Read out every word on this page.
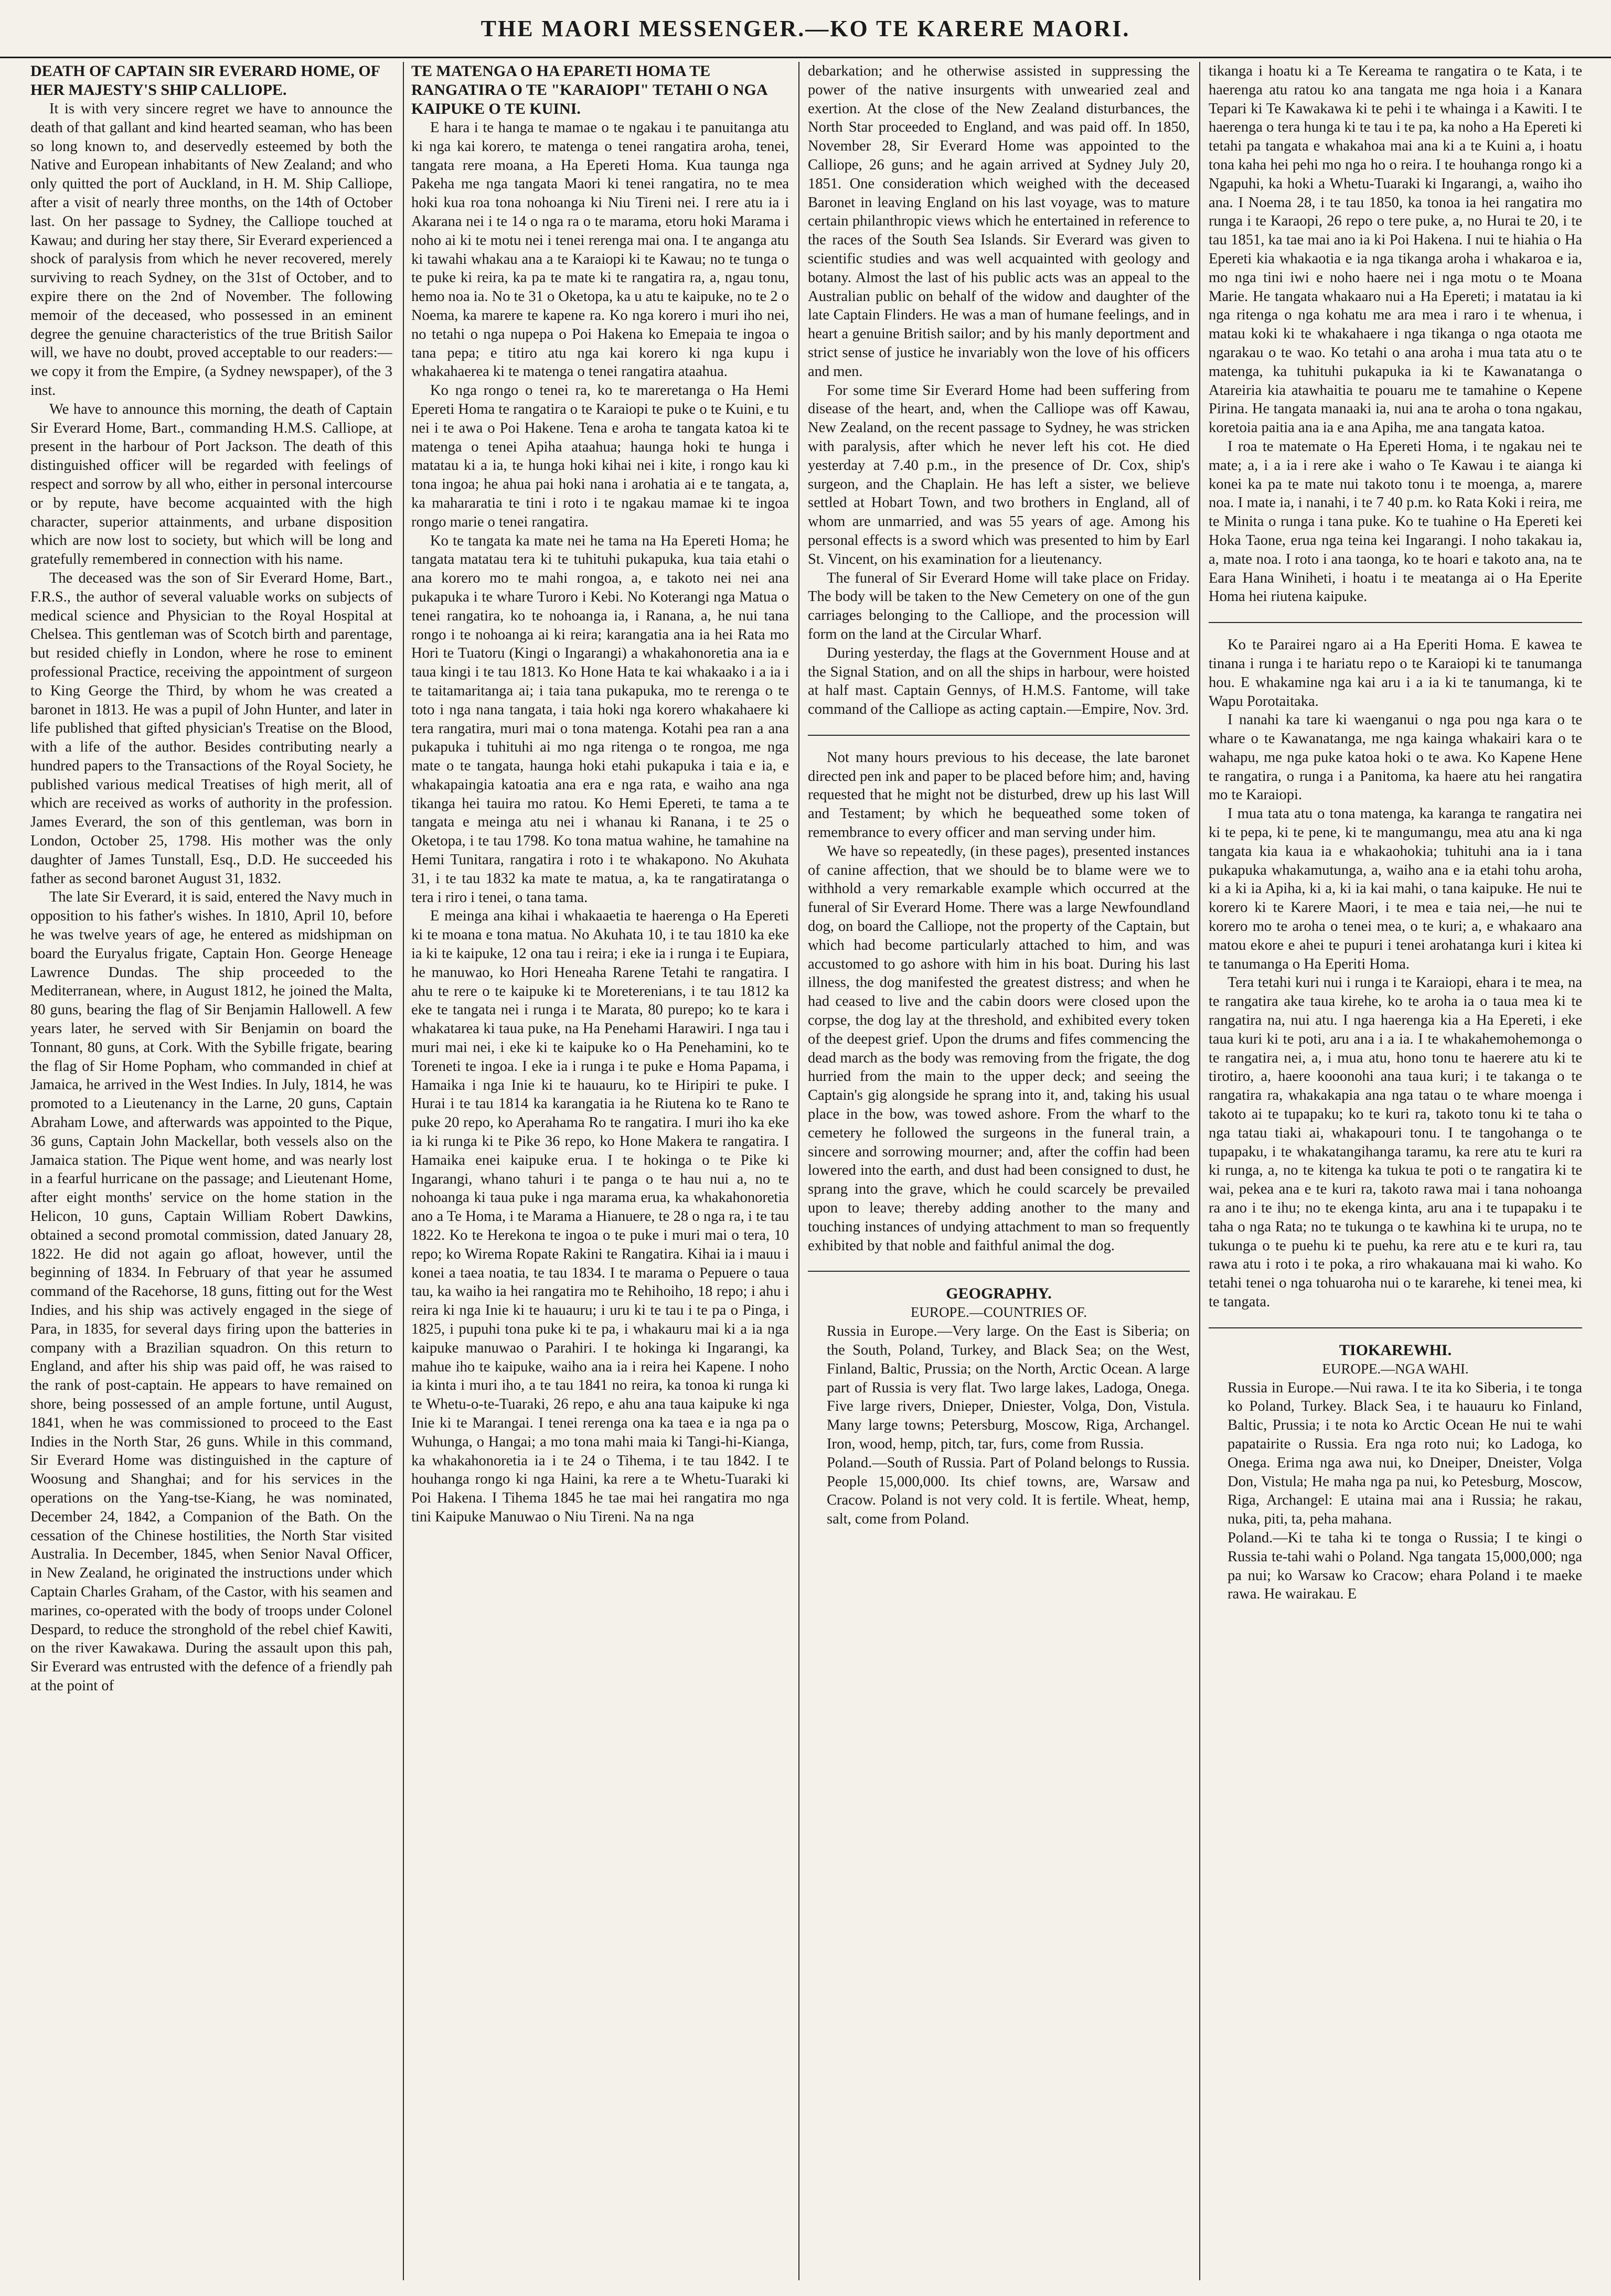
THE MAORI MESSENGER.—KO TE KARERE MAORI.

DEATH OF CAPTAIN SIR EVERARD HOME, OF HER MAJESTY'S SHIP CALLIOPE.

It is with very sincere regret we have to announce the death of that gallant and kind hearted seaman, who has been so long known to, and deservedly esteemed by both the Native and European inhabitants of New Zealand; and who only quitted the port of Auckland, in H. M. Ship Calliope, after a visit of nearly three months, on the 14th of October last. On her passage to Sydney, the Calliope touched at Kawau; and during her stay there, Sir Everard experienced a shock of paralysis from which he never recovered, merely surviving to reach Sydney, on the 31st of October, and to expire there on the 2nd of November. The following memoir of the deceased, who possessed in an eminent degree the genuine characteristics of the true British Sailor will, we have no doubt, proved acceptable to our readers:—we copy it from the Empire, (a Sydney newspaper), of the 3 inst.

We have to announce this morning, the death of Captain Sir Everard Home, Bart., commanding H.M.S. Calliope, at present in the harbour of Port Jackson. The death of this distinguished officer will be regarded with feelings of respect and sorrow by all who, either in personal intercourse or by repute, have become acquainted with the high character, superior attainments, and urbane disposition which are now lost to society, but which will be long and gratefully remembered in connection with his name.

The deceased was the son of Sir Everard Home, Bart., F.R.S., the author of several valuable works on subjects of medical science and Physician to the Royal Hospital at Chelsea. This gentleman was of Scotch birth and parentage, but resided chiefly in London, where he rose to eminent professional Practice, receiving the appointment of surgeon to King George the Third, by whom he was created a baronet in 1813. He was a pupil of John Hunter, and later in life published that gifted physician's Treatise on the Blood, with a life of the author. Besides contributing nearly a hundred papers to the Transactions of the Royal Society, he published various medical Treatises of high merit, all of which are received as works of authority in the profession. James Everard, the son of this gentleman, was born in London, October 25, 1798. His mother was the only daughter of James Tunstall, Esq., D.D. He succeeded his father as second baronet August 31, 1832.

The late Sir Everard, it is said, entered the Navy much in opposition to his father's wishes. In 1810, April 10, before he was twelve years of age, he entered as midshipman on board the Euryalus frigate, Captain Hon. George Heneage Lawrence Dundas. The ship proceeded to the Mediterranean, where, in August 1812, he joined the Malta, 80 guns, bearing the flag of Sir Benjamin Hallowell. A few years later, he served with Sir Benjamin on board the Tonnant, 80 guns, at Cork. With the Sybille frigate, bearing the flag of Sir Home Popham, who commanded in chief at Jamaica, he arrived in the West Indies. In July, 1814, he was promoted to a Lieutenancy in the Larne, 20 guns, Captain Abraham Lowe, and afterwards was appointed to the Pique, 36 guns, Captain John Mackellar, both vessels also on the Jamaica station. The Pique went home, and was nearly lost in a fearful hurricane on the passage; and Lieutenant Home, after eight months' service on the home station in the Helicon, 10 guns, Captain William Robert Dawkins, obtained a second promotal commission, dated January 28, 1822. He did not again go afloat, however, until the beginning of 1834. In February of that year he assumed command of the Racehorse, 18 guns, fitting out for the West Indies, and his ship was actively engaged in the siege of Para, in 1835, for several days firing upon the batteries in company with a Brazilian squadron. On this return to England, and after his ship was paid off, he was raised to the rank of post-captain. He appears to have remained on shore, being possessed of an ample fortune, until August, 1841, when he was commissioned to proceed to the East Indies in the North Star, 26 guns. While in this command, Sir Everard Home was distinguished in the capture of Woosung and Shanghai; and for his services in the operations on the Yang-tse-Kiang, he was nominated, December 24, 1842, a Companion of the Bath. On the cessation of the Chinese hostilities, the North Star visited Australia. In December, 1845, when Senior Naval Officer, in New Zealand, he originated the instructions under which Captain Charles Graham, of the Castor, with his seamen and marines, co-operated with the body of troops under Colonel Despard, to reduce the stronghold of the rebel chief Kawiti, on the river Kawakawa. During the assault upon this pah, Sir Everard was entrusted with the defence of a friendly pah at the point of

TE MATENGA O HA EPARETI HOMA TE RANGATIRA O TE "KARAIOPI" TETAHI O NGA KAIPUKE O TE KUINI.

E hara i te hanga te mamae o te ngakau i te panuitanga atu ki nga kai korero, te matenga o tenei rangatira aroha, tenei, tangata rere moana, a Ha Epereti Homa. Kua taunga nga Pakeha me nga tangata Maori ki tenei rangatira, no te mea hoki kua roa tona nohoanga ki Niu Tireni nei. I rere atu ia i Akarana nei i te 14 o nga ra o te marama, etoru hoki Marama i noho ai ki te motu nei i tenei rerenga mai ona. I te anganga atu ki tawahi whakau ana a te Karaiopi ki te Kawau; no te tunga o te puke ki reira, ka pa te mate ki te rangatira ra, a, ngau tonu, hemo noa ia. No te 31 o Oketopa, ka u atu te kaipuke, no te 2 o Noema, ka marere te kapene ra. Ko nga korero i muri iho nei, no tetahi o nga nupepa o Poi Hakena ko Emepaia te ingoa o tana pepa; e titiro atu nga kai korero ki nga kupu i whakahaerea ki te matenga o tenei rangatira ataahua.

Ko nga rongo o tenei ra, ko te mareretanga o Ha Hemi Epereti Homa te rangatira o te Karaiopi te puke o te Kuini, e tu nei i te awa o Poi Hakene. Tena e aroha te tangata katoa ki te matenga o tenei Apiha ataahua; haunga hoki te hunga i matatau ki a ia, te hunga hoki kihai nei i kite, i rongo kau ki tona ingoa; he ahua pai hoki nana i arohatia ai e te tangata, a, ka mahararatia te tini i roto i te ngakau mamae ki te ingoa rongo marie o tenei rangatira.

Ko te tangata ka mate nei he tama na Ha Epereti Homa; he tangata matatau tera ki te tuhituhi pukapuka, kua taia etahi o ana korero mo te mahi rongoa, a, e takoto nei nei ana pukapuka i te whare Turoro i Kebi. No Koterangi nga Matua o tenei rangatira, ko te nohoanga ia, i Ranana, a, he nui tana rongo i te nohoanga ai ki reira; karangatia ana ia hei Rata mo Hori te Tuatoru (Kingi o Ingarangi) a whakahonoretia ana ia e taua kingi i te tau 1813. Ko Hone Hata te kai whakaako i a ia i te taitamaritanga ai; i taia tana pukapuka, mo te rerenga o te toto i nga nana tangata, i taia hoki nga korero whakahaere ki tera rangatira, muri mai o tona matenga. Kotahi pea ran a ana pukapuka i tuhituhi ai mo nga ritenga o te rongoa, me nga mate o te tangata, haunga hoki etahi pukapuka i taia e ia, e whakapaingia katoatia ana era e nga rata, e waiho ana nga tikanga hei tauira mo ratou. Ko Hemi Epereti, te tama a te tangata e meinga atu nei i whanau ki Ranana, i te 25 o Oketopa, i te tau 1798. Ko tona matua wahine, he tamahine na Hemi Tunitara, rangatira i roto i te whakapono. No Akuhata 31, i te tau 1832 ka mate te matua, a, ka te rangatiratanga o tera i riro i tenei, o tana tama.

E meinga ana kihai i whakaaetia te haerenga o Ha Epereti ki te moana e tona matua. No Akuhata 10, i te tau 1810 ka eke ia ki te kaipuke, 12 ona tau i reira; i eke ia i runga i te Eupiara, he manuwao, ko Hori Heneaha Rarene Tetahi te rangatira. I ahu te rere o te kaipuke ki te Moreterenians, i te tau 1812 ka eke te tangata nei i runga i te Marata, 80 purepo; ko te kara i whakatarea ki taua puke, na Ha Penehami Harawiri. I nga tau i muri mai nei, i eke ki te kaipuke ko o Ha Penehamini, ko te Toreneti te ingoa. I eke ia i runga i te puke e Homa Papama, i Hamaika i nga Inie ki te hauauru, ko te Hiripiri te puke. I Hurai i te tau 1814 ka karangatia ia he Riutena ko te Rano te puke 20 repo, ko Aperahama Ro te rangatira. I muri iho ka eke ia ki runga ki te Pike 36 repo, ko Hone Makera te rangatira. I Hamaika enei kaipuke erua. I te hokinga o te Pike ki Ingarangi, whano tahuri i te panga o te hau nui a, no te nohoanga ki taua puke i nga marama erua, ka whakahonoretia ano a Te Homa, i te Marama a Hianuere, te 28 o nga ra, i te tau 1822. Ko te Herekona te ingoa o te puke i muri mai o tera, 10 repo; ko Wirema Ropate Rakini te Rangatira. Kihai ia i mauu i konei a taea noatia, te tau 1834. I te marama o Pepuere o taua tau, ka waiho ia hei rangatira mo te Rehihoiho, 18 repo; i ahu i reira ki nga Inie ki te hauauru; i uru ki te tau i te pa o Pinga, i 1825, i pupuhi tona puke ki te pa, i whakauru mai ki a ia nga kaipuke manuwao o Parahiri. I te hokinga ki Ingarangi, ka mahue iho te kaipuke, waiho ana ia i reira hei Kapene. I noho ia kinta i muri iho, a te tau 1841 no reira, ka tonoa ki runga ki te Whetu-o-te-Tuaraki, 26 repo, e ahu ana taua kaipuke ki nga Inie ki te Marangai. I tenei rerenga ona ka taea e ia nga pa o Wuhunga, o Hangai; a mo tona mahi maia ki Tangi-hi-Kianga, ka whakahonoretia ia i te 24 o Tihema, i te tau 1842. I te houhanga rongo ki nga Haini, ka rere a te Whetu-Tuaraki ki Poi Hakena. I Tihema 1845 he tae mai hei rangatira mo nga tini Kaipuke Manuwao o Niu Tireni. Na na nga

debarkation; and he otherwise assisted in suppressing the power of the native insurgents with unwearied zeal and exertion. At the close of the New Zealand disturbances, the North Star proceeded to England, and was paid off. In 1850, November 28, Sir Everard Home was appointed to the Calliope, 26 guns; and he again arrived at Sydney July 20, 1851. One consideration which weighed with the deceased Baronet in leaving England on his last voyage, was to mature certain philanthropic views which he entertained in reference to the races of the South Sea Islands. Sir Everard was given to scientific studies and was well acquainted with geology and botany. Almost the last of his public acts was an appeal to the Australian public on behalf of the widow and daughter of the late Captain Flinders. He was a man of humane feelings, and in heart a genuine British sailor; and by his manly deportment and strict sense of justice he invariably won the love of his officers and men.

For some time Sir Everard Home had been suffering from disease of the heart, and, when the Calliope was off Kawau, New Zealand, on the recent passage to Sydney, he was stricken with paralysis, after which he never left his cot. He died yesterday at 7.40 p.m., in the presence of Dr. Cox, ship's surgeon, and the Chaplain. He has left a sister, we believe settled at Hobart Town, and two brothers in England, all of whom are unmarried, and was 55 years of age. Among his personal effects is a sword which was presented to him by Earl St. Vincent, on his examination for a lieutenancy.

The funeral of Sir Everard Home will take place on Friday. The body will be taken to the New Cemetery on one of the gun carriages belonging to the Calliope, and the procession will form on the land at the Circular Wharf.

During yesterday, the flags at the Government House and at the Signal Station, and on all the ships in harbour, were hoisted at half mast. Captain Gennys, of H.M.S. Fantome, will take command of the Calliope as acting captain.—Empire, Nov. 3rd.

Not many hours previous to his decease, the late baronet directed pen ink and paper to be placed before him; and, having requested that he might not be disturbed, drew up his last Will and Testament; by which he bequeathed some token of remembrance to every officer and man serving under him.

We have so repeatedly, (in these pages), presented instances of canine affection, that we should be to blame were we to withhold a very remarkable example which occurred at the funeral of Sir Everard Home. There was a large Newfoundland dog, on board the Calliope, not the property of the Captain, but which had become particularly attached to him, and was accustomed to go ashore with him in his boat. During his last illness, the dog manifested the greatest distress; and when he had ceased to live and the cabin doors were closed upon the corpse, the dog lay at the threshold, and exhibited every token of the deepest grief. Upon the drums and fifes commencing the dead march as the body was removing from the frigate, the dog hurried from the main to the upper deck; and seeing the Captain's gig alongside he sprang into it, and, taking his usual place in the bow, was towed ashore. From the wharf to the cemetery he followed the surgeons in the funeral train, a sincere and sorrowing mourner; and, after the coffin had been lowered into the earth, and dust had been consigned to dust, he sprang into the grave, which he could scarcely be prevailed upon to leave; thereby adding another to the many and touching instances of undying attachment to man so frequently exhibited by that noble and faithful animal the dog.

GEOGRAPHY.

EUROPE.—COUNTRIES OF.

Russia in Europe.—Very large. On the East is Siberia; on the South, Poland, Turkey, and Black Sea; on the West, Finland, Baltic, Prussia; on the North, Arctic Ocean. A large part of Russia is very flat. Two large lakes, Ladoga, Onega. Five large rivers, Dnieper, Dniester, Volga, Don, Vistula. Many large towns; Petersburg, Moscow, Riga, Archangel. Iron, wood, hemp, pitch, tar, furs, come from Russia.

Poland.—South of Russia. Part of Poland belongs to Russia. People 15,000,000. Its chief towns, are, Warsaw and Cracow. Poland is not very cold. It is fertile. Wheat, hemp, salt, come from Poland.

tikanga i hoatu ki a Te Kereama te rangatira o te Kata, i te haerenga atu ratou ko ana tangata me nga hoia i a Kanara Tepari ki Te Kawakawa ki te pehi i te whainga i a Kawiti. I te haerenga o tera hunga ki te tau i te pa, ka noho a Ha Epereti ki tetahi pa tangata e whakahoa mai ana ki a te Kuini a, i hoatu tona kaha hei pehi mo nga ho o reira. I te houhanga rongo ki a Ngapuhi, ka hoki a Whetu-Tuaraki ki Ingarangi, a, waiho iho ana. I Noema 28, i te tau 1850, ka tonoa ia hei rangatira mo runga i te Karaopi, 26 repo o tere puke, a, no Hurai te 20, i te tau 1851, ka tae mai ano ia ki Poi Hakena. I nui te hiahia o Ha Epereti kia whakaotia e ia nga tikanga aroha i whakaroa e ia, mo nga tini iwi e noho haere nei i nga motu o te Moana Marie. He tangata whakaaro nui a Ha Epereti; i matatau ia ki nga ritenga o nga kohatu me ara mea i raro i te whenua, i matau koki ki te whakahaere i nga tikanga o nga otaota me ngarakau o te wao. Ko tetahi o ana aroha i mua tata atu o te matenga, ka tuhituhi pukapuka ia ki te Kawanatanga o Atareiria kia atawhaitia te pouaru me te tamahine o Kepene Pirina. He tangata manaaki ia, nui ana te aroha o tona ngakau, koretoia paitia ana ia e ana Apiha, me ana tangata katoa.

I roa te matemate o Ha Epereti Homa, i te ngakau nei te mate; a, i a ia i rere ake i waho o Te Kawau i te aianga ki konei ka pa te mate nui takoto tonu i te moenga, a, marere noa. I mate ia, i nanahi, i te 7 40 p.m. ko Rata Koki i reira, me te Minita o runga i tana puke. Ko te tuahine o Ha Epereti kei Hoka Taone, erua nga teina kei Ingarangi. I noho takakau ia, a, mate noa. I roto i ana taonga, ko te hoari e takoto ana, na te Eara Hana Winiheti, i hoatu i te meatanga ai o Ha Eperite Homa hei riutena kaipuke.

Ko te Parairei ngaro ai a Ha Eperiti Homa. E kawea te tinana i runga i te hariatu repo o te Karaiopi ki te tanumanga hou. E whakamine nga kai aru i a ia ki te tanumanga, ki te Wapu Porotaitaka.

I nanahi ka tare ki waenganui o nga pou nga kara o te whare o te Kawanatanga, me nga kainga whakairi kara o te wahapu, me nga puke katoa hoki o te awa. Ko Kapene Hene te rangatira, o runga i a Panitoma, ka haere atu hei rangatira mo te Karaiopi.

I mua tata atu o tona matenga, ka karanga te rangatira nei ki te pepa, ki te pene, ki te mangumangu, mea atu ana ki nga tangata kia kaua ia e whakaohokia; tuhituhi ana ia i tana pukapuka whakamutunga, a, waiho ana e ia etahi tohu aroha, ki a ki ia Apiha, ki a, ki ia kai mahi, o tana kaipuke. He nui te korero ki te Karere Maori, i te mea e taia nei,—he nui te korero mo te aroha o tenei mea, o te kuri; a, e whakaaro ana matou ekore e ahei te pupuri i tenei arohatanga kuri i kitea ki te tanumanga o Ha Eperiti Homa.

Tera tetahi kuri nui i runga i te Karaiopi, ehara i te mea, na te rangatira ake taua kirehe, ko te aroha ia o taua mea ki te rangatira na, nui atu. I nga haerenga kia a Ha Epereti, i eke taua kuri ki te poti, aru ana i a ia. I te whakahemohemonga o te rangatira nei, a, i mua atu, hono tonu te haerere atu ki te tirotiro, a, haere kooonohi ana taua kuri; i te takanga o te rangatira ra, whakakapia ana nga tatau o te whare moenga i takoto ai te tupapaku; ko te kuri ra, takoto tonu ki te taha o nga tatau tiaki ai, whakapouri tonu. I te tangohanga o te tupapaku, i te whakatangihanga taramu, ka rere atu te kuri ra ki runga, a, no te kitenga ka tukua te poti o te rangatira ki te wai, pekea ana e te kuri ra, takoto rawa mai i tana nohoanga ra ano i te ihu; no te ekenga kinta, aru ana i te tupapaku i te taha o nga Rata; no te tukunga o te kawhina ki te urupa, no te tukunga o te puehu ki te puehu, ka rere atu e te kuri ra, tau rawa atu i roto i te poka, a riro whakauana mai ki waho. Ko tetahi tenei o nga tohuaroha nui o te kararehe, ki tenei mea, ki te tangata.

TIOKAREWHI.

EUROPE.—NGA WAHI.

Russia in Europe.—Nui rawa. I te ita ko Siberia, i te tonga ko Poland, Turkey. Black Sea, i te hauauru ko Finland, Baltic, Prussia; i te nota ko Arctic Ocean He nui te wahi papatairite o Russia. Era nga roto nui; ko Ladoga, ko Onega. Erima nga awa nui, ko Dneiper, Dneister, Volga Don, Vistula; He maha nga pa nui, ko Petesburg, Moscow, Riga, Archangel: E utaina mai ana i Russia; he rakau, nuka, piti, ta, peha mahana.

Poland.—Ki te taha ki te tonga o Russia; I te kingi o Russia te-tahi wahi o Poland. Nga tangata 15,000,000; nga pa nui; ko Warsaw ko Cracow; ehara Poland i te maeke rawa. He wairakau. E
